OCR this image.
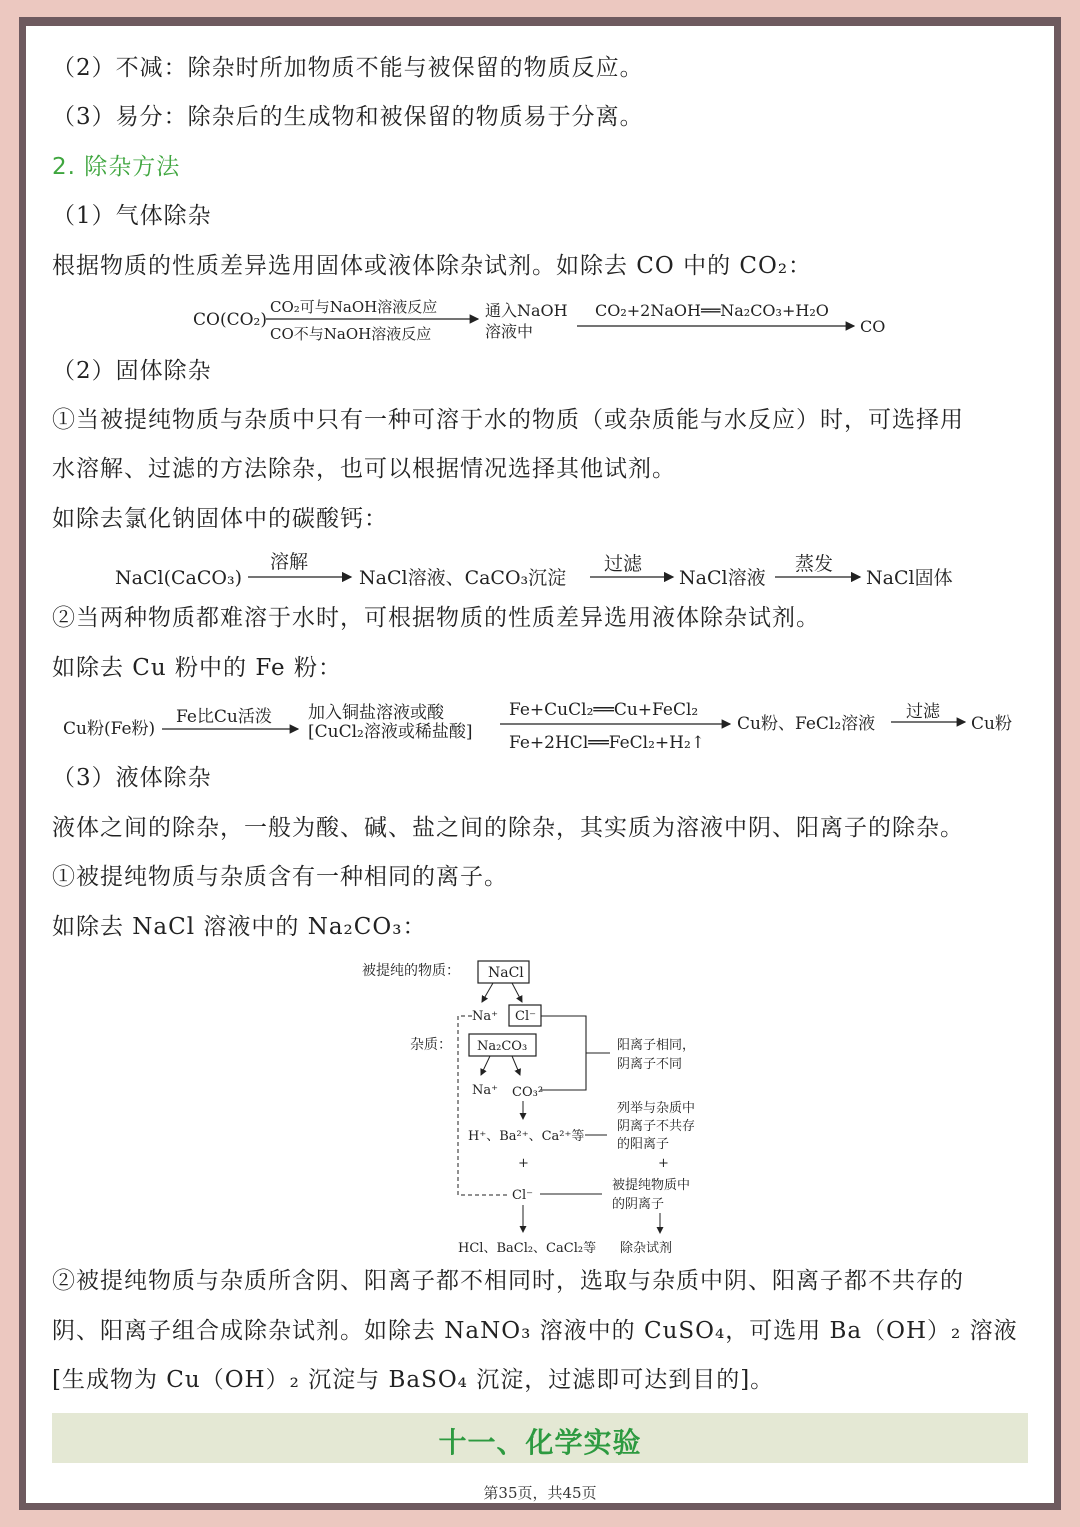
（2）不减：除杂时所加物质不能与被保留的物质反应。
（3）易分：除杂后的生成物和被保留的物质易于分离。
2. 除杂方法
（1）气体除杂
根据物质的性质差异选用固体或液体除杂试剂。如除去 CO 中的 CO₂：
CO(CO₂)
CO₂可与NaOH溶液反应
CO不与NaOH溶液反应
通入NaOH
溶液中
CO₂+2NaOH══Na₂CO₃+H₂O
CO
（2）固体除杂
①当被提纯物质与杂质中只有一种可溶于水的物质（或杂质能与水反应）时，可选择用
水溶解、过滤的方法除杂，也可以根据情况选择其他试剂。
如除去氯化钠固体中的碳酸钙：
NaCl(CaCO₃)
溶解
NaCl溶液、CaCO₃沉淀
过滤
NaCl溶液
蒸发
NaCl固体
②当两种物质都难溶于水时，可根据物质的性质差异选用液体除杂试剂。
如除去 Cu 粉中的 Fe 粉：
Cu粉(Fe粉)
Fe比Cu活泼 加入铜盐溶液或酸
[CuCl₂溶液或稀盐酸]
Fe+CuCl₂══Cu+FeCl₂
Fe+2HCl══FeCl₂+H₂↑
Cu粉、FeCl₂溶液
过滤
Cu粉
（3）液体除杂
液体之间的除杂，一般为酸、碱、盐之间的除杂，其实质为溶液中阴、阳离子的除杂。
①被提纯物质与杂质含有一种相同的离子。
如除去 NaCl 溶液中的 Na₂CO₃：
被提纯的物质： NaCl
Na⁺ Cl⁻
阳离子相同，
阴离子不同
杂质： Na₂CO₃
Na⁺ CO₃²⁻
H⁺、Ba²⁺、Ca²⁺等
列举与杂质中
阴离子不共存
的阳离子
+	+
Cl⁻
被提纯物质中
的阴离子
HCl、BaCl₂、CaCl₂等 除杂试剂
②被提纯物质与杂质所含阴、阳离子都不相同时，选取与杂质中阴、阳离子都不共存的
阴、阳离子组合成除杂试剂。如除去 NaNO₃ 溶液中的 CuSO₄，可选用 Ba（OH）₂ 溶液
[生成物为 Cu（OH）₂ 沉淀与 BaSO₄ 沉淀，过滤即可达到目的]。
十一、化学实验
第35页，共45页
